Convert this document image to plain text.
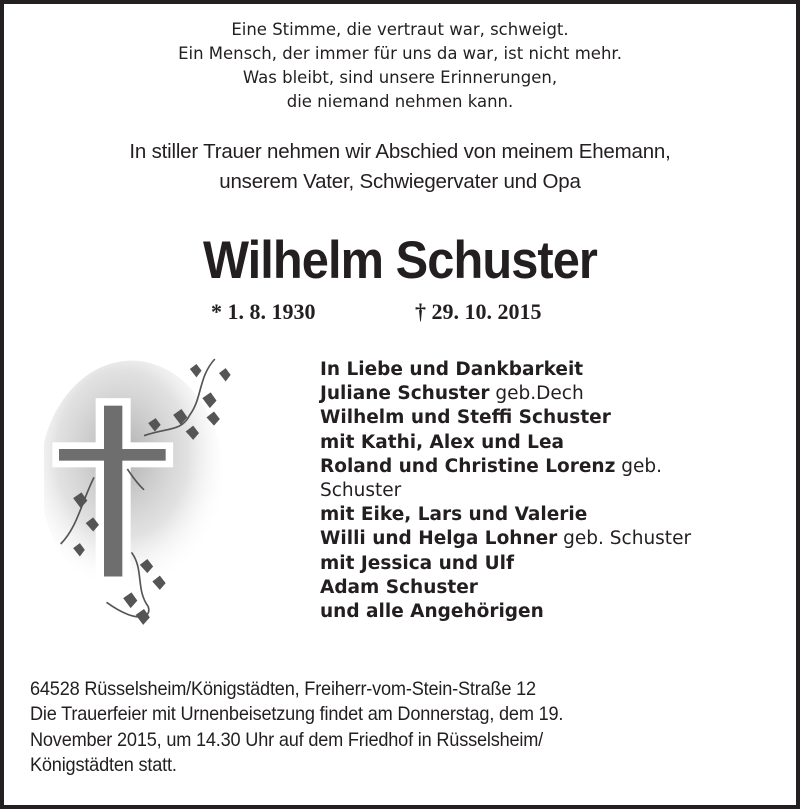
Eine Stimme, die vertraut war, schweigt.
Ein Mensch, der immer für uns da war, ist nicht mehr.
Was bleibt, sind unsere Erinnerungen,
die niemand nehmen kann.
In stiller Trauer nehmen wir Abschied von meinem Ehemann,
unserem Vater, Schwiegervater und Opa
Wilhelm Schuster
* 1. 8. 1930	† 29. 10. 2015
In Liebe und Dankbarkeit
Juliane Schuster geb.Dech
Wilhelm und Steffi Schuster
mit Kathi, Alex und Lea
Roland und Christine Lorenz geb.
Schuster
mit Eike, Lars und Valerie
Willi und Helga Lohner geb. Schuster
mit Jessica und Ulf
Adam Schuster
und alle Angehörigen
64528 Rüsselsheim/Königstädten, Freiherr-vom-Stein-Straße 12
Die Trauerfeier mit Urnenbeisetzung findet am Donnerstag, dem 19.
November 2015, um 14.30 Uhr auf dem Friedhof in Rüsselsheim/
Königstädten statt.
